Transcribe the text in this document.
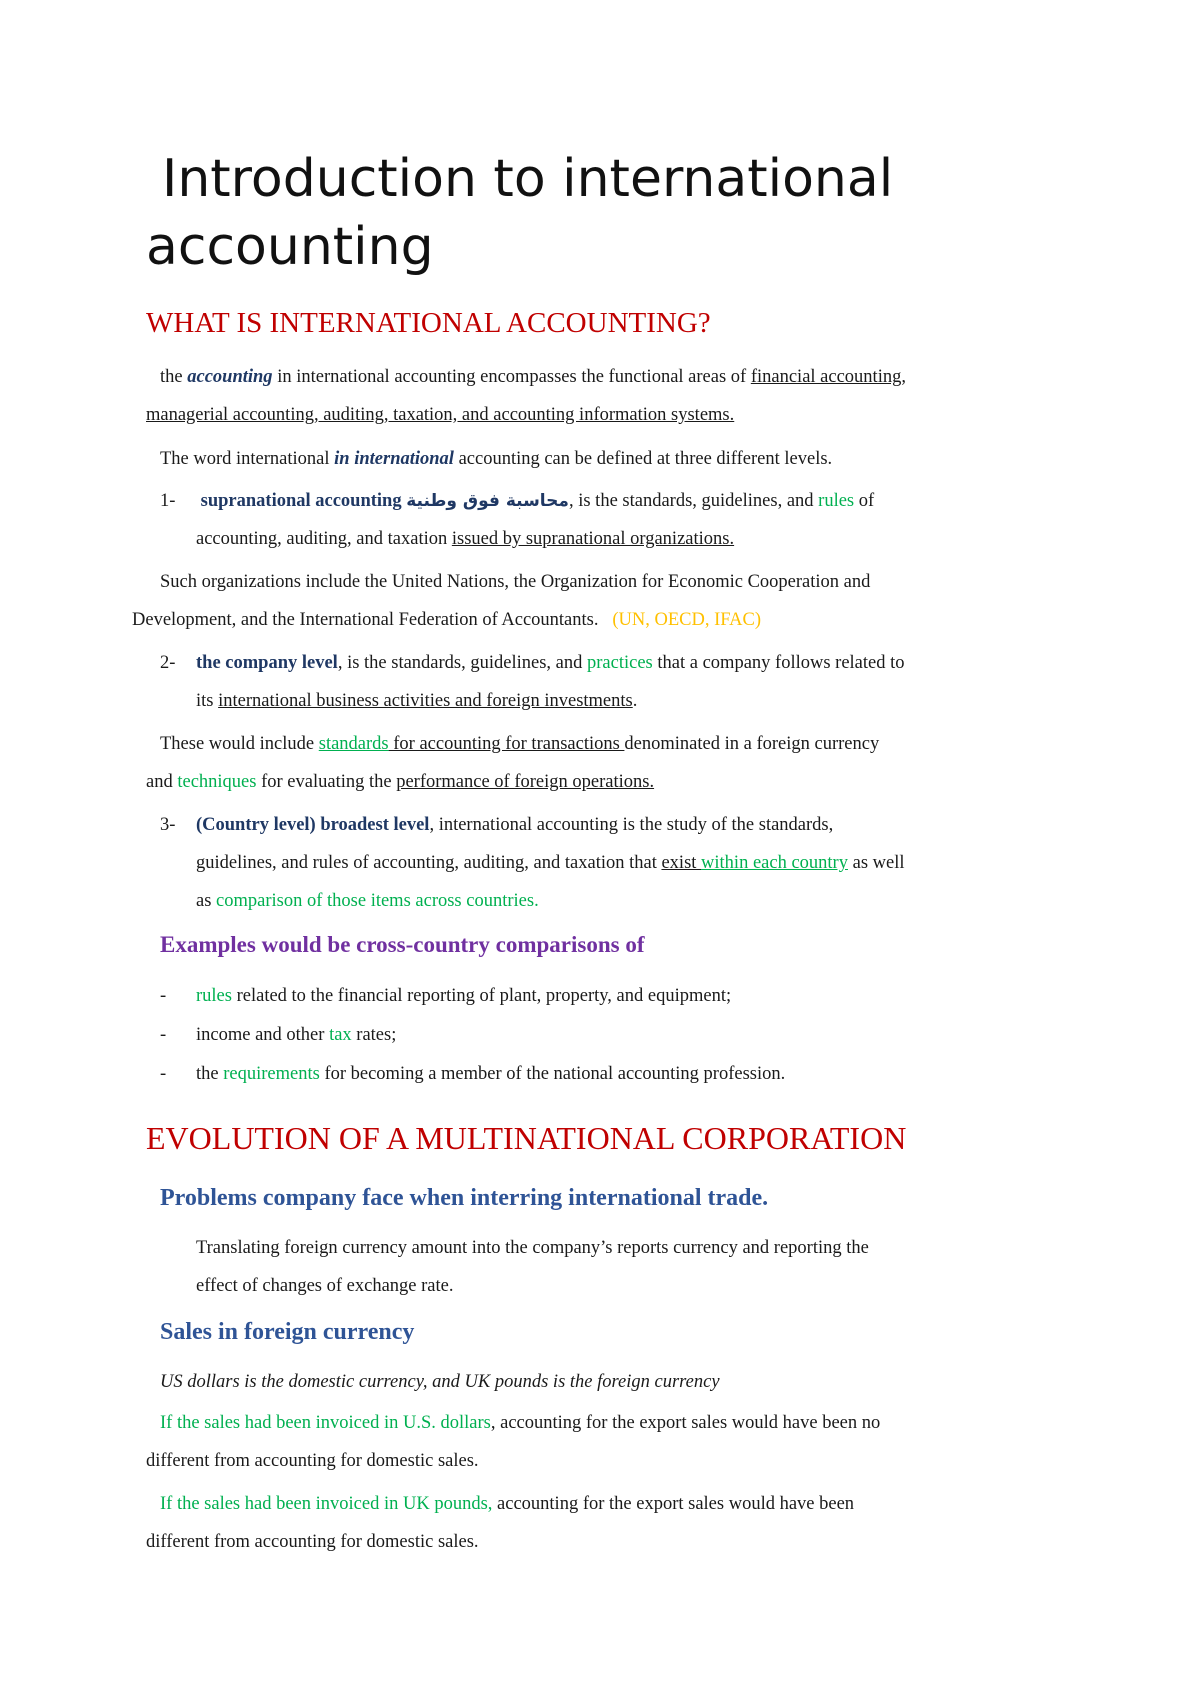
Introduction to international
accounting
WHAT IS INTERNATIONAL ACCOUNTING?

the accounting in international accounting encompasses the functional areas of financial accounting,
managerial accounting, auditing, taxation, and accounting information systems.

The word international in international accounting can be defined at three different levels.

1-	supranational accounting محاسبة فوق وطنية, is the standards, guidelines, and rules of
accounting, auditing, and taxation issued by supranational organizations.

Such organizations include the United Nations, the Organization for Economic Cooperation and
Development, and the International Federation of Accountants. (UN, OECD, IFAC)

2-	the company level, is the standards, guidelines, and practices that a company follows related to
its international business activities and foreign investments.

These would include standards for accounting for transactions denominated in a foreign currency
and techniques for evaluating the performance of foreign operations.

3-	(Country level) broadest level, international accounting is the study of the standards,
guidelines, and rules of accounting, auditing, and taxation that exist within each country as well
as comparison of those items across countries.
Examples would be cross-country comparisons of
-	rules related to the financial reporting of plant, property, and equipment;
-	income and other tax rates;
-	the requirements for becoming a member of the national accounting profession.
EVOLUTION OF A MULTINATIONAL CORPORATION
Problems company face when interring international trade.

Translating foreign currency amount into the company’s reports currency and reporting the
effect of changes of exchange rate.

Sales in foreign currency

US dollars is the domestic currency, and UK pounds is the foreign currency

If the sales had been invoiced in U.S. dollars, accounting for the export sales would have been no
different from accounting for domestic sales.

If the sales had been invoiced in UK pounds, accounting for the export sales would have been
different from accounting for domestic sales.
